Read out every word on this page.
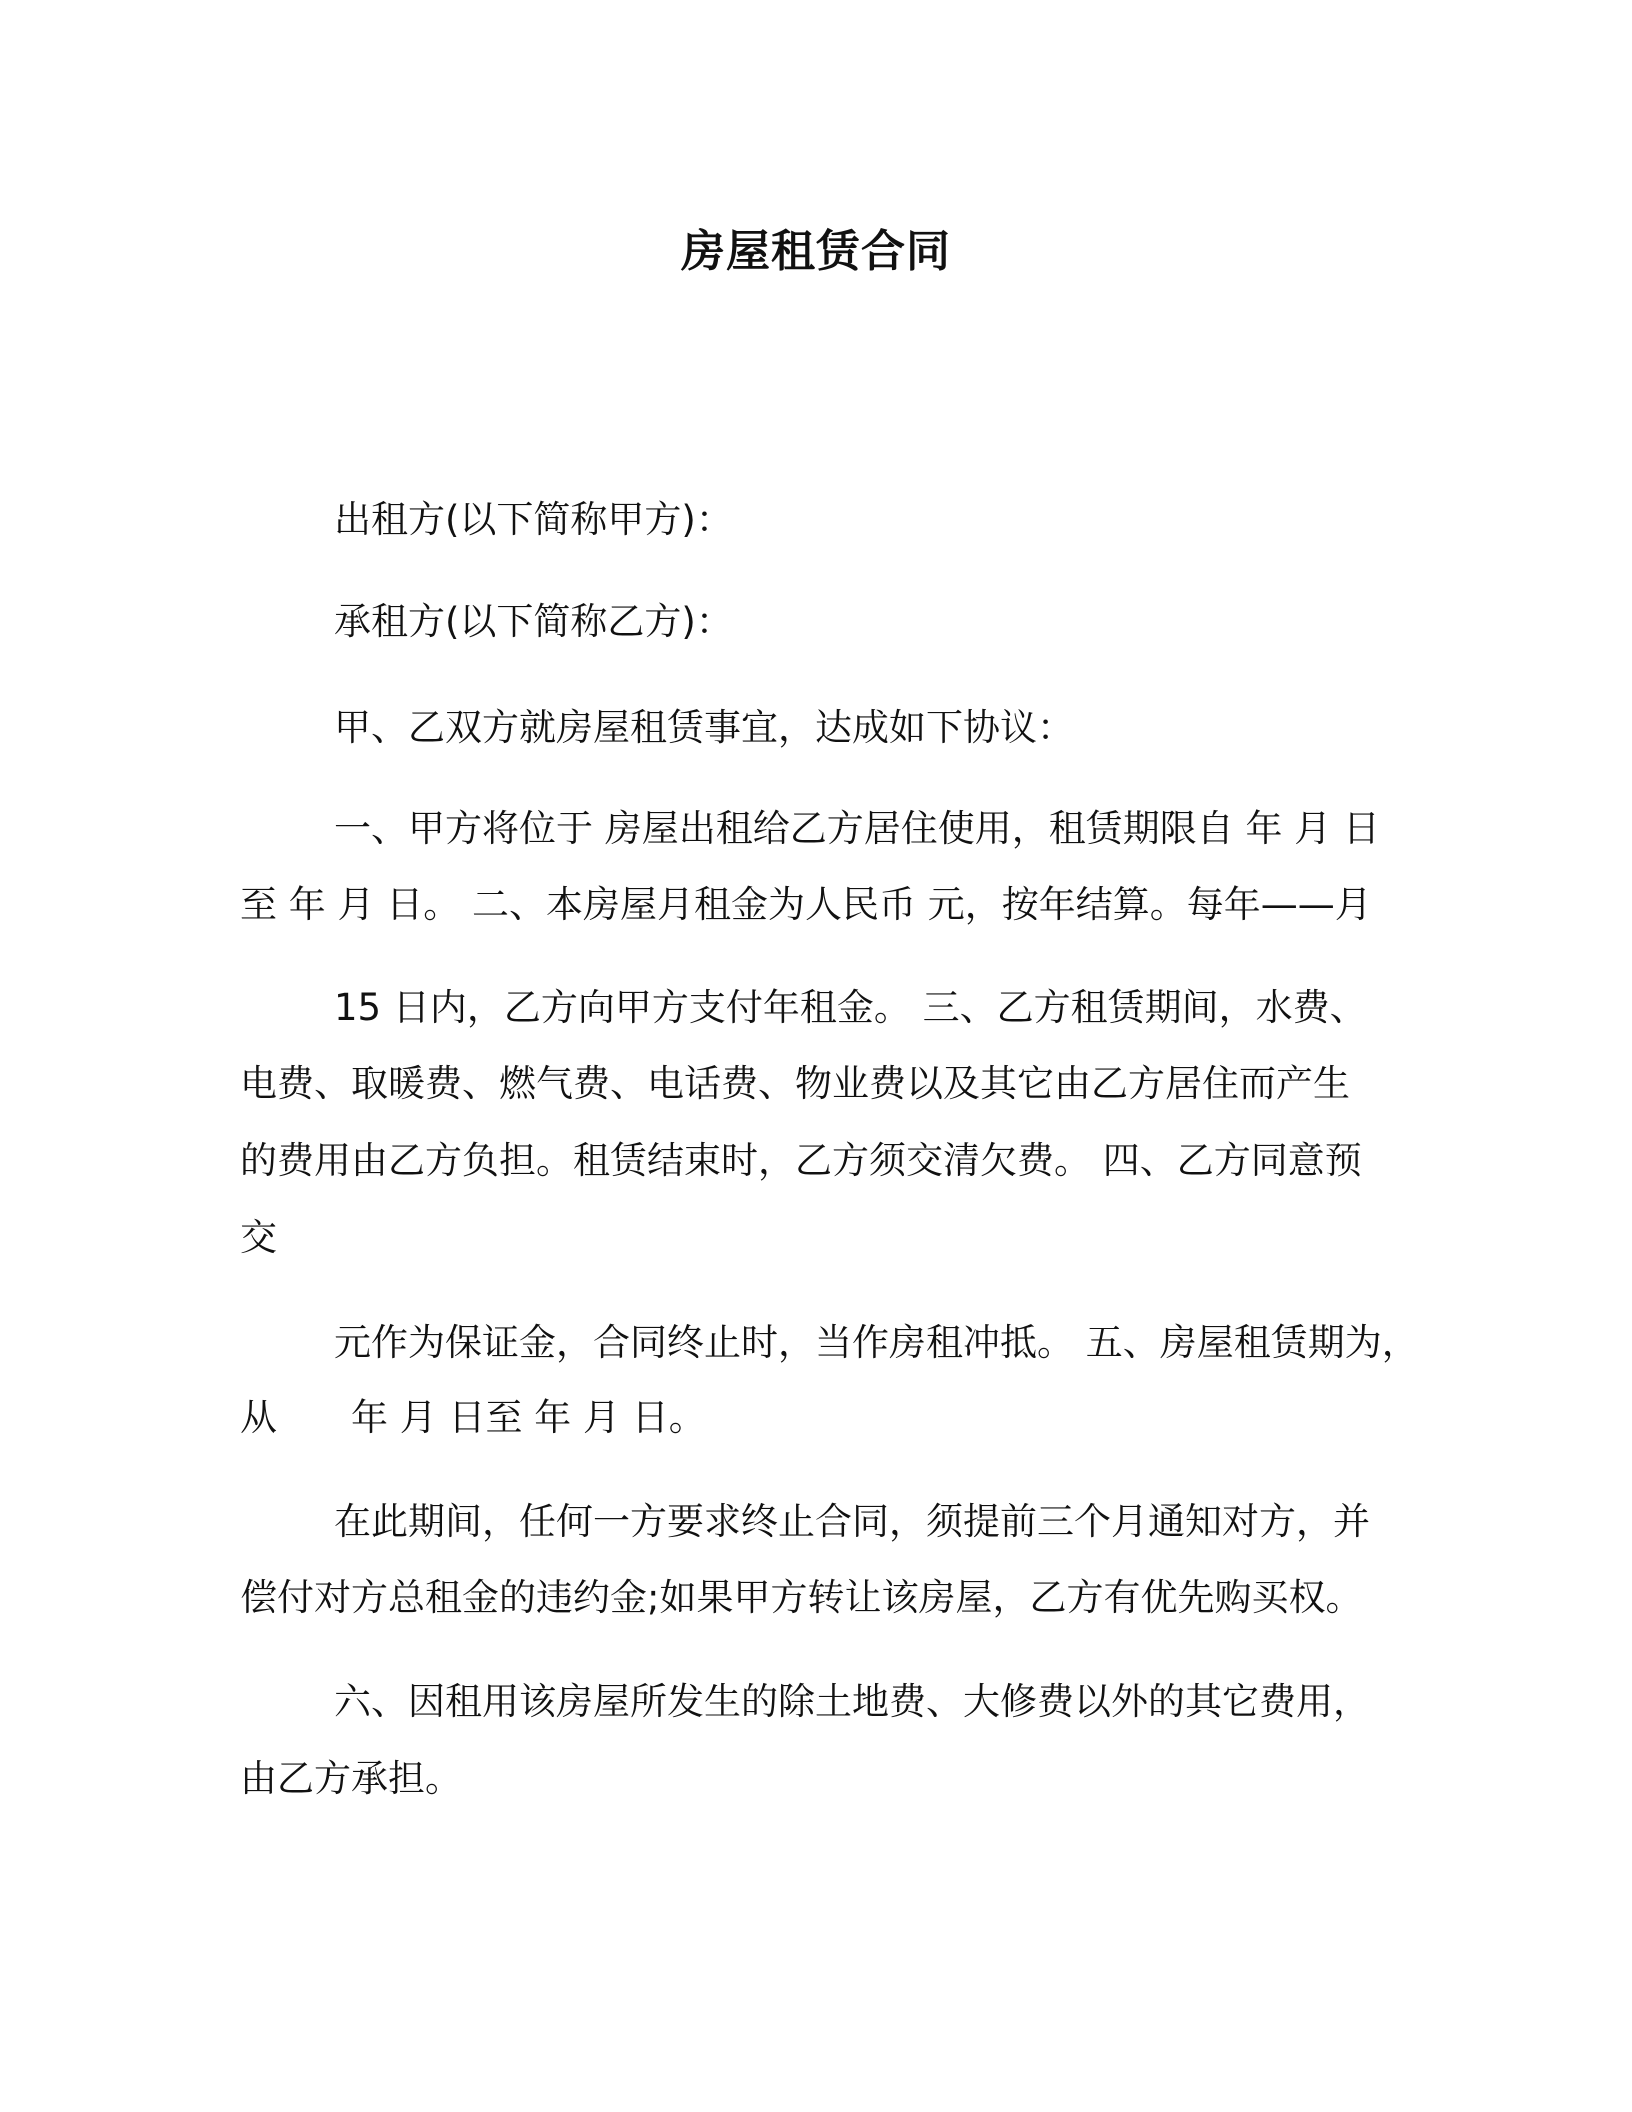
房屋租赁合同
出租方(以下简称甲方)：
承租方(以下简称乙方)：
甲、乙双方就房屋租赁事宜，达成如下协议：
一、甲方将位于 房屋出租给乙方居住使用，租赁期限自 年 月 日
至 年 月 日。 二、本房屋月租金为人民币 元，按年结算。每年——月
15 日内，乙方向甲方支付年租金。 三、乙方租赁期间，水费、
电费、取暖费、燃气费、电话费、物业费以及其它由乙方居住而产生
的费用由乙方负担。租赁结束时，乙方须交清欠费。 四、乙方同意预
交
元作为保证金，合同终止时，当作房租冲抵。 五、房屋租赁期为，
从　　年 月 日至 年 月 日。
在此期间，任何一方要求终止合同，须提前三个月通知对方，并
偿付对方总租金的违约金;如果甲方转让该房屋，乙方有优先购买权。
六、因租用该房屋所发生的除土地费、大修费以外的其它费用，
由乙方承担。
